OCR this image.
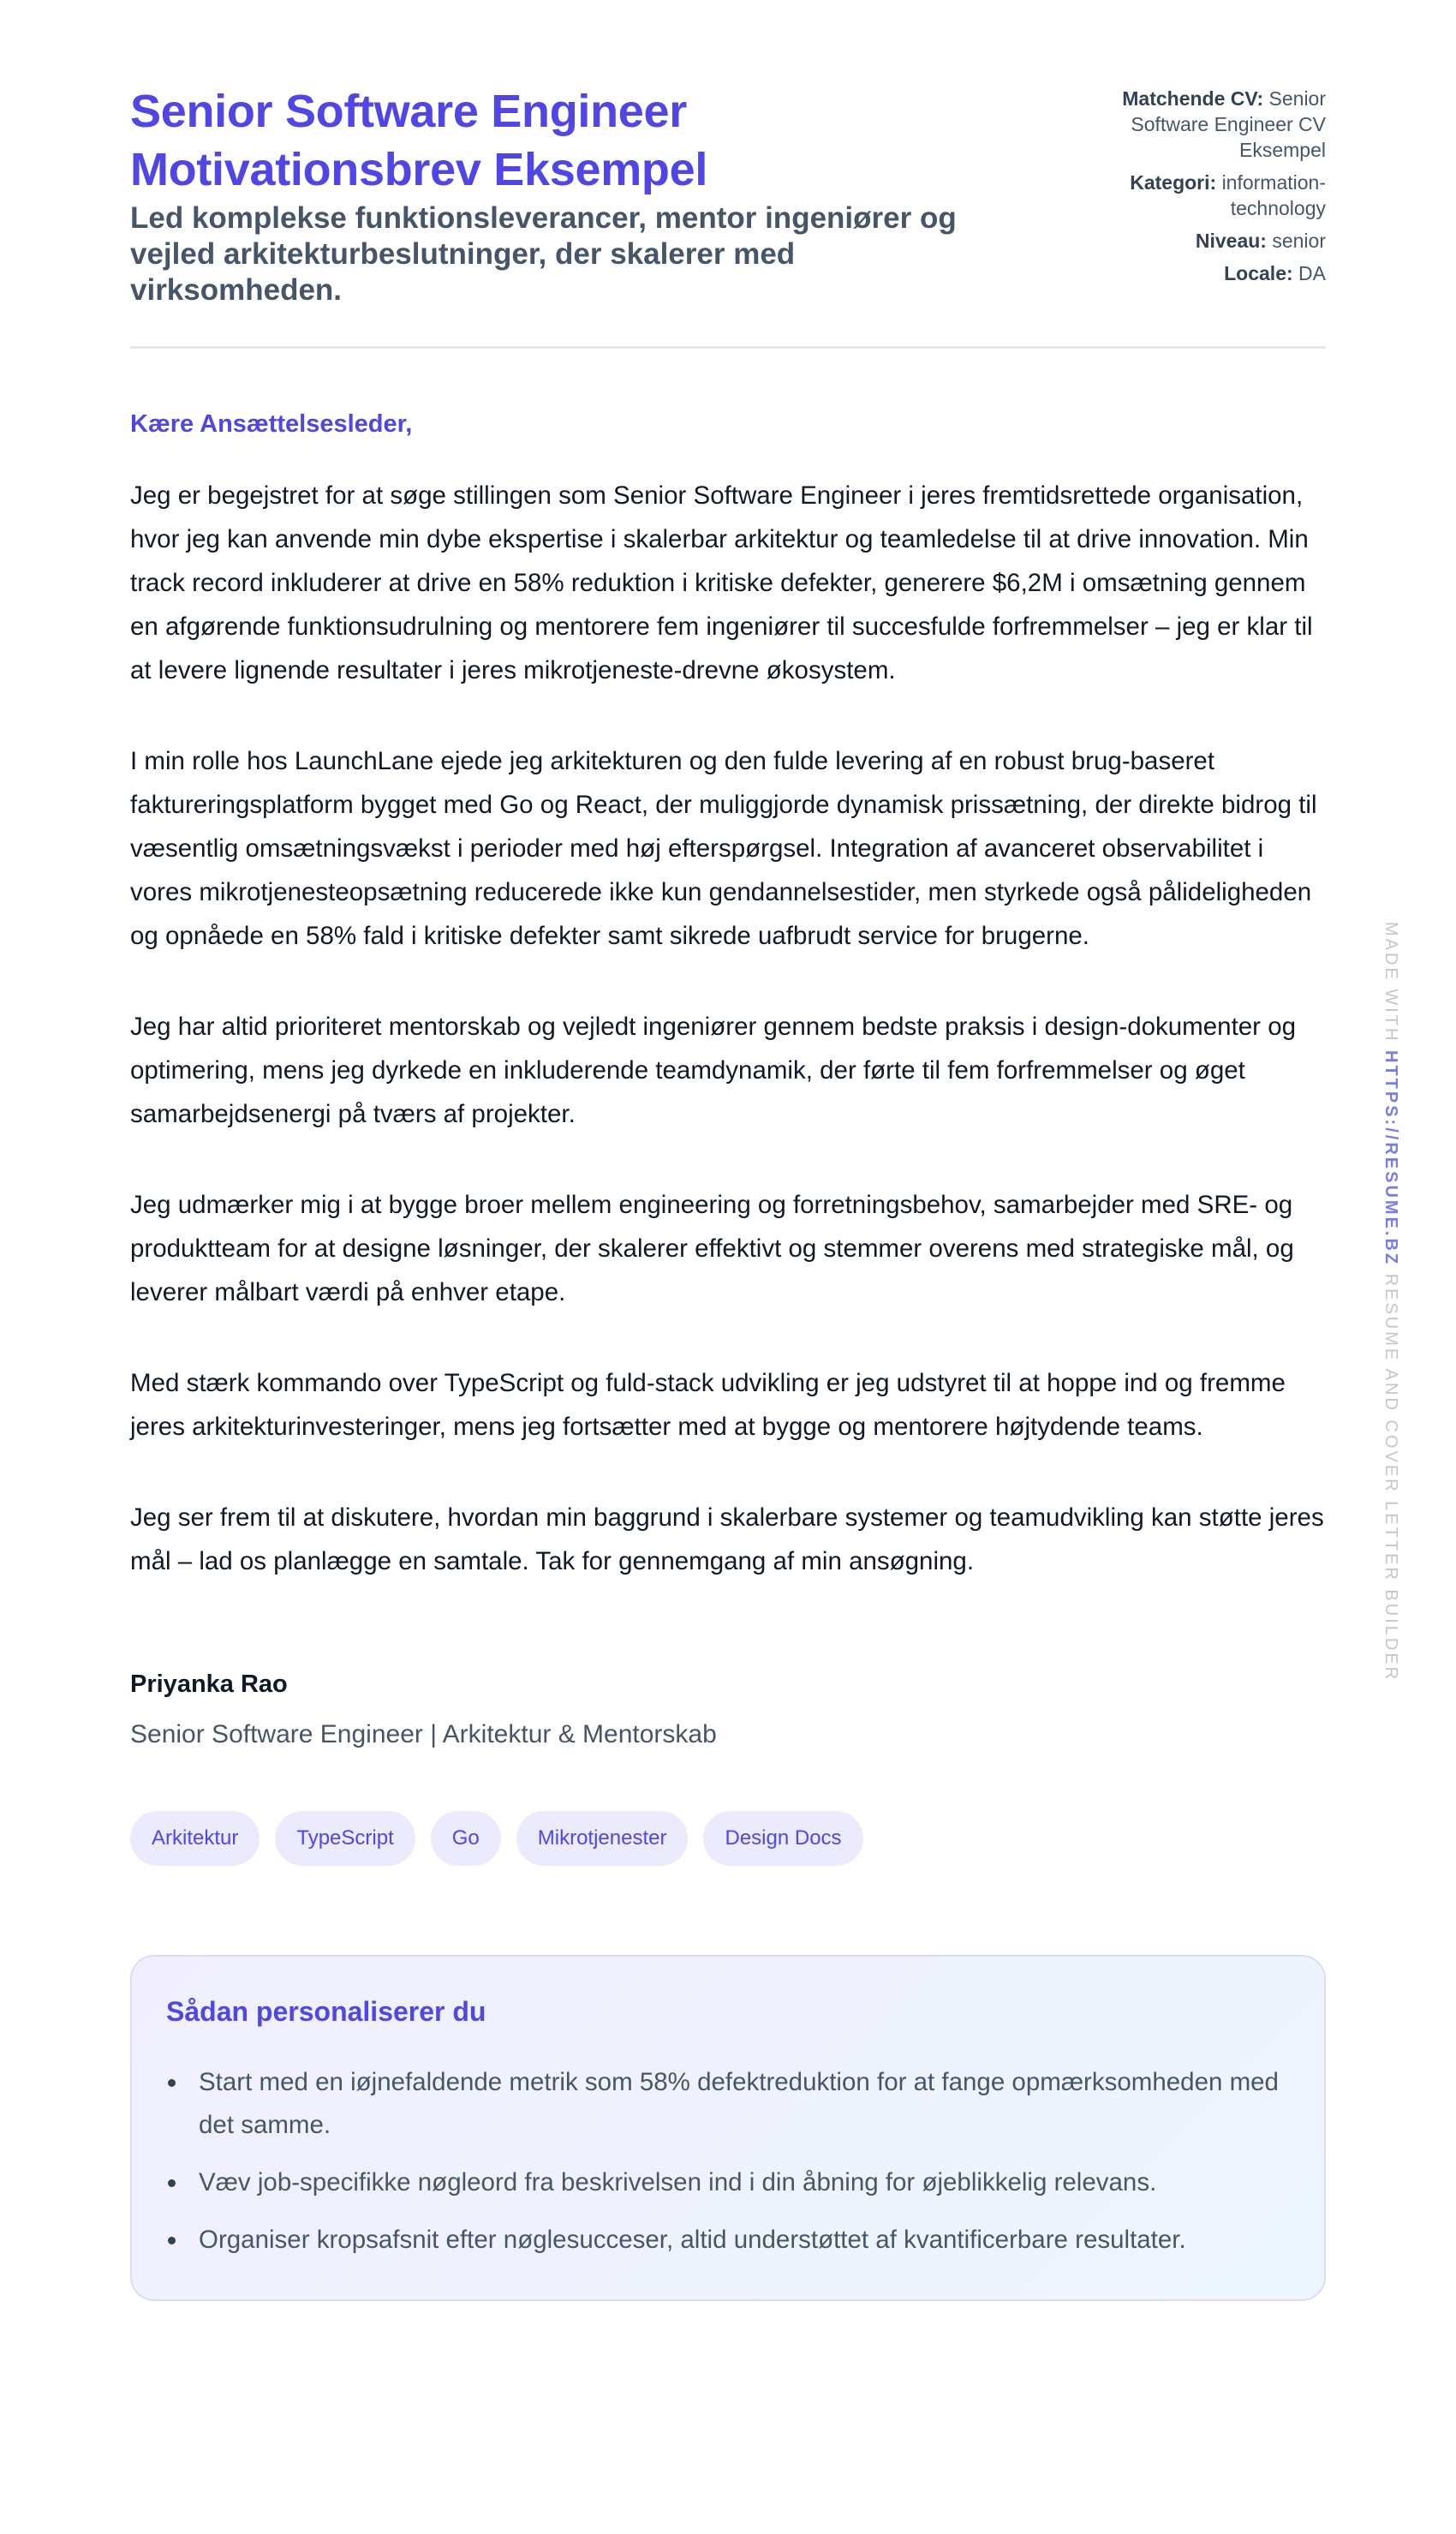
Senior Software Engineer
Motivationsbrev Eksempel

Led komplekse funktionsleverancer, mentor ingeniører og vejled arkitekturbeslutninger, der skalerer med virksomheden.

Matchende CV: Senior Software Engineer CV Eksempel
Kategori: information-technology
Niveau: senior
Locale: DA

Kære Ansættelsesleder,

Jeg er begejstret for at søge stillingen som Senior Software Engineer i jeres fremtidsrettede organisation, hvor jeg kan anvende min dybe ekspertise i skalerbar arkitektur og teamledelse til at drive innovation. Min track record inkluderer at drive en 58% reduktion i kritiske defekter, generere $6,2M i omsætning gennem en afgørende funktionsudrulning og mentorere fem ingeniører til succesfulde forfremmelser – jeg er klar til at levere lignende resultater i jeres mikrotjeneste-drevne økosystem.

I min rolle hos LaunchLane ejede jeg arkitekturen og den fulde levering af en robust brug-baseret faktureringsplatform bygget med Go og React, der muliggjorde dynamisk prissætning, der direkte bidrog til væsentlig omsætningsvækst i perioder med høj efterspørgsel. Integration af avanceret observabilitet i vores mikrotjenesteopsætning reducerede ikke kun gendannelsestider, men styrkede også pålideligheden og opnåede en 58% fald i kritiske defekter samt sikrede uafbrudt service for brugerne.

Jeg har altid prioriteret mentorskab og vejledt ingeniører gennem bedste praksis i design-dokumenter og optimering, mens jeg dyrkede en inkluderende teamdynamik, der førte til fem forfremmelser og øget samarbejdsenergi på tværs af projekter.

Jeg udmærker mig i at bygge broer mellem engineering og forretningsbehov, samarbejder med SRE- og produktteam for at designe løsninger, der skalerer effektivt og stemmer overens med strategiske mål, og leverer målbart værdi på enhver etape.

Med stærk kommando over TypeScript og fuld-stack udvikling er jeg udstyret til at hoppe ind og fremme jeres arkitekturinvesteringer, mens jeg fortsætter med at bygge og mentorere højtydende teams.

Jeg ser frem til at diskutere, hvordan min baggrund i skalerbare systemer og teamudvikling kan støtte jeres mål – lad os planlægge en samtale. Tak for gennemgang af min ansøgning.

Priyanka Rao

Senior Software Engineer | Arkitektur & Mentorskab

Arkitektur	TypeScript	Go	Mikrotjenester	Design Docs
Sådan personaliserer du
Start med en iøjnefaldende metrik som 58% defektreduktion for at fange opmærksomheden med det samme.
Væv job-specifikke nøgleord fra beskrivelsen ind i din åbning for øjeblikkelig relevans.
Organiser kropsafsnit efter nøglesucceser, altid understøttet af kvantificerbare resultater.
MADE WITH HTTPS://RESUME.BZ RESUME AND COVER LETTER BUILDER
